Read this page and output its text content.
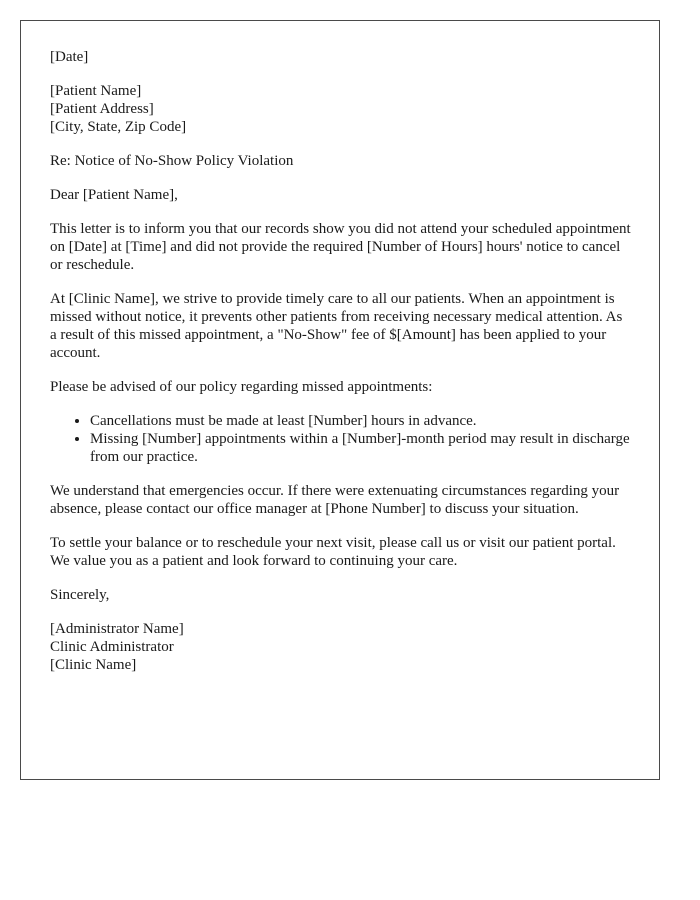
[Date]
[Patient Name]
[Patient Address]
[City, State, Zip Code]

Re: Notice of No-Show Policy Violation

Dear [Patient Name],

This letter is to inform you that our records show you did not attend your scheduled appointment on [Date] at [Time] and did not provide the required [Number of Hours] hours' notice to cancel or reschedule.

At [Clinic Name], we strive to provide timely care to all our patients. When an appointment is missed without notice, it prevents other patients from receiving necessary medical attention. As a result of this missed appointment, a "No-Show" fee of $[Amount] has been applied to your account.

Please be advised of our policy regarding missed appointments:

• Cancellations must be made at least [Number] hours in advance.
• Missing [Number] appointments within a [Number]-month period may result in discharge from our practice.

We understand that emergencies occur. If there were extenuating circumstances regarding your absence, please contact our office manager at [Phone Number] to discuss your situation.

To settle your balance or to reschedule your next visit, please call us or visit our patient portal. We value you as a patient and look forward to continuing your care.

Sincerely,

[Administrator Name]
Clinic Administrator
[Clinic Name]
